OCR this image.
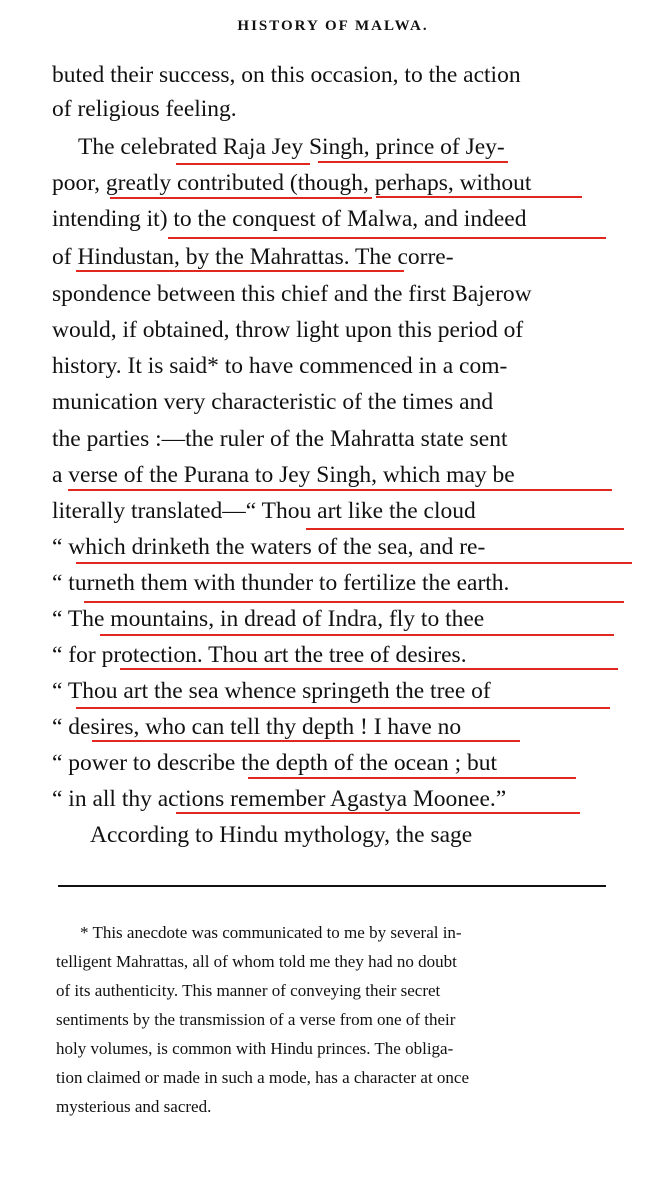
HISTORY OF MALWA.
buted their success, on this occasion, to the action
of religious feeling.
The celebrated Raja Jey Singh, prince of Jey-
poor, greatly contributed (though, perhaps, without
intending it) to the conquest of Malwa, and indeed
of Hindustan, by the Mahrattas. The corre-
spondence between this chief and the first Bajerow
would, if obtained, throw light upon this period of
history. It is said* to have commenced in a com-
munication very characteristic of the times and
the parties :—the ruler of the Mahratta state sent
a verse of the Purana to Jey Singh, which may be
literally translated—“ Thou art like the cloud
“ which drinketh the waters of the sea, and re-
“ turneth them with thunder to fertilize the earth.
“ The mountains, in dread of Indra, fly to thee
“ for protection. Thou art the tree of desires.
“ Thou art the sea whence springeth the tree of
“ desires, who can tell thy depth ! I have no
“ power to describe the depth of the ocean ; but
“ in all thy actions remember Agastya Moonee.”
According to Hindu mythology, the sage
* This anecdote was communicated to me by several in-
telligent Mahrattas, all of whom told me they had no doubt
of its authenticity. This manner of conveying their secret
sentiments by the transmission of a verse from one of their
holy volumes, is common with Hindu princes. The obliga-
tion claimed or made in such a mode, has a character at once
mysterious and sacred.
